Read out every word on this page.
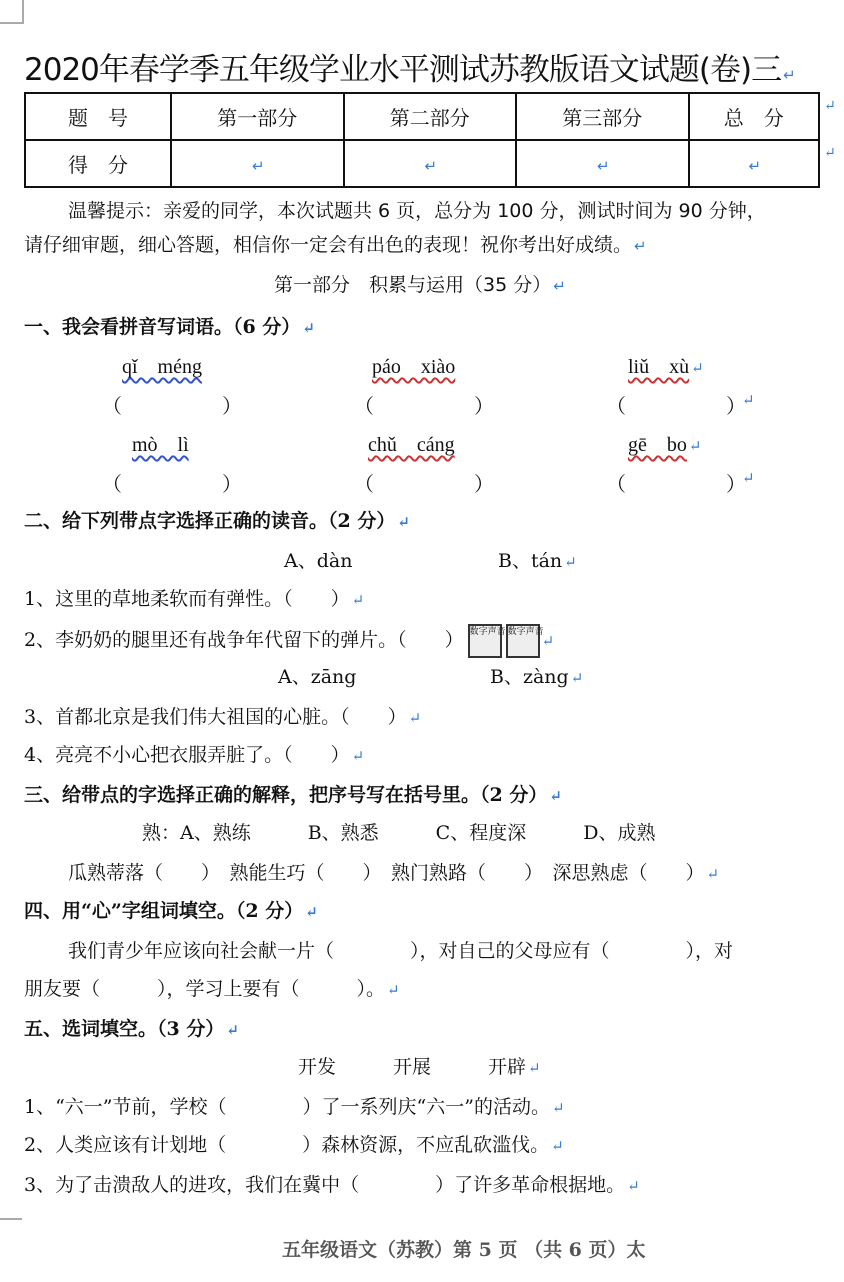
2020年春学季五年级学业水平测试苏教版语文试题(卷)三 ↵
题　号	第一部分	第二部分	第三部分	总　分
得　分	↵	↵	↵	↵
↵
↵
温馨提示：亲爱的同学，本次试题共 6 页，总分为 100 分，测试时间为 90 分钟，
请仔细审题，细心答题，相信你一定会有出色的表现！祝你考出好成绩。 ↵
第一部分　积累与运用（35 分） ↵
一、我会看拼音写词语。（6 分） ↵
qǐ　méng	páo　xiào	liǔ　xù ↵
（　　　　　）	（　　　　　）	（　　　　　）
↵
mò　lì	chǔ　cáng	gē　bo ↵
（　　　　　）	（　　　　　）	（　　　　　）
↵
二、给下列带点字选择正确的读音。（2 分） ↵
A、dàn	B、tán ↵
1、这里的草地柔软而有弹性。（　　） ↵
2、李奶奶的腿里还有战争年代留下的弹片。（　　） 数字声音 数字声音↵
A、zāng	B、zàng ↵
3、首都北京是我们伟大祖国的心脏。（　　） ↵
4、亮亮不小心把衣服弄脏了。（　　） ↵
三、给带点的字选择正确的解释，把序号写在括号里。（2 分） ↵
熟：A、熟练　　　B、熟悉　　　C、程度深　　　D、成熟
瓜熟蒂落（　　）　熟能生巧（　　）　熟门熟路（　　）　深思熟虑（　　） ↵
四、用“心”字组词填空。（2 分） ↵
我们青少年应该向社会献一片（　　　　），对自己的父母应有（　　　　），对
朋友要（　　　），学习上要有（　　　）。 ↵
五、选词填空。（3 分） ↵
开发　　　开展　　　开辟 ↵
1、“六一”节前，学校（　　　　）了一系列庆“六一”的活动。 ↵
2、人类应该有计划地（　　　　）森林资源，不应乱砍滥伐。 ↵
3、为了击溃敌人的进攻，我们在冀中（　　　　）了许多革命根据地。 ↵
五年级语文（苏教）第 5 页 （共 6 页）太
